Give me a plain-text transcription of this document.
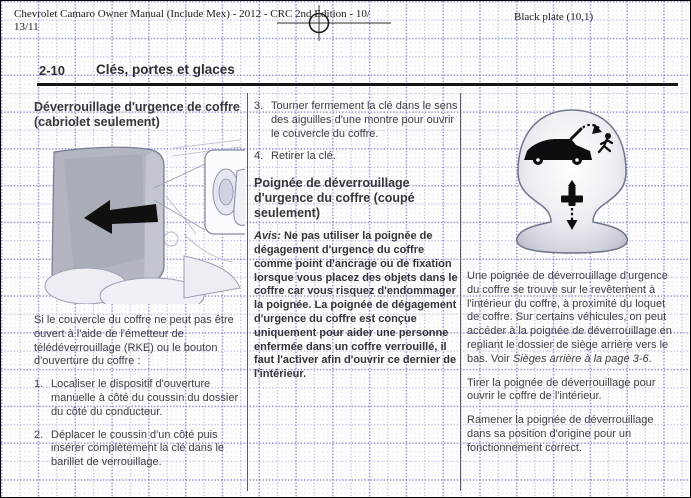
Chevrolet Camaro Owner Manual (Include Mex) - 2012 - CRC 2nd Edition - 10/
13/11
Black plate (10,1)
2-10 Clés, portes et glaces
Déverrouillage d'urgence de coffre (cabriolet seulement)

Si le couvercle du coffre ne peut pas être ouvert à l'aide de l'émetteur de télédéverrouillage (RKE) ou le bouton d'ouverture du coffre :

1. Localiser le dispositif d'ouverture manuelle à côté du coussin du dossier du côté du conducteur.
2. Déplacer le coussin d'un côté puis insérer complètement la clé dans le barillet de verrouillage.
3. Tourner fermement la clé dans le sens des aiguilles d'une montre pour ouvrir le couvercle du coffre.
4. Retirer la clé.
Poignée de déverrouillage d'urgence du coffre (coupé seulement)

Avis: Ne pas utiliser la poignée de dégagement d'urgence du coffre comme point d'ancrage ou de fixation lorsque vous placez des objets dans le coffre car vous risquez d'endommager la poignée. La poignée de dégagement d'urgence du coffre est conçue uniquement pour aider une personne enfermée dans un coffre verrouillé, il faut l'activer afin d'ouvrir ce dernier de l'intérieur.

Une poignée de déverrouillage d'urgence du coffre se trouve sur le revêtement à l'intérieur du coffre, à proximité du loquet de coffre. Sur certains véhicules, on peut accéder à la poignée de déverrouillage en repliant le dossier de siège arrière vers le bas. Voir Sièges arrière à la page 3-6.

Tirer la poignée de déverrouillage pour ouvrir le coffre de l'intérieur.

Ramener la poignée de déverrouillage dans sa position d'origine pour un fonctionnement correct.
